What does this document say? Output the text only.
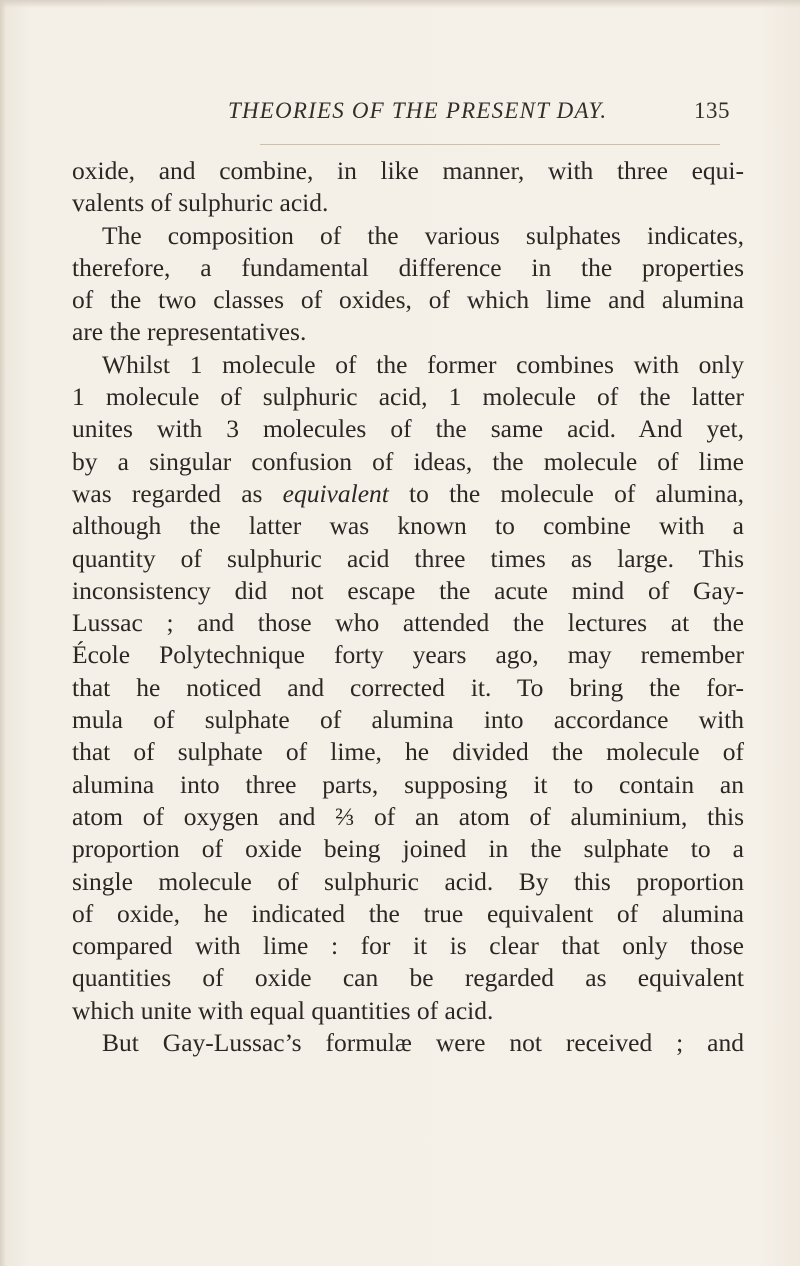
THEORIES OF THE PRESENT DAY.	135
oxide, and combine, in like manner, with three equi-
valents of sulphuric acid.
The composition of the various sulphates indicates,
therefore, a fundamental difference in the properties
of the two classes of oxides, of which lime and alumina
are the representatives.
Whilst 1 molecule of the former combines with only
1 molecule of sulphuric acid, 1 molecule of the latter
unites with 3 molecules of the same acid. And yet,
by a singular confusion of ideas, the molecule of lime
was regarded as equivalent to the molecule of alumina,
although the latter was known to combine with a
quantity of sulphuric acid three times as large. This
inconsistency did not escape the acute mind of Gay-
Lussac ; and those who attended the lectures at the
École Polytechnique forty years ago, may remember
that he noticed and corrected it. To bring the for-
mula of sulphate of alumina into accordance with
that of sulphate of lime, he divided the molecule of
alumina into three parts, supposing it to contain an
atom of oxygen and ⅔ of an atom of aluminium, this
proportion of oxide being joined in the sulphate to a
single molecule of sulphuric acid. By this proportion
of oxide, he indicated the true equivalent of alumina
compared with lime : for it is clear that only those
quantities of oxide can be regarded as equivalent
which unite with equal quantities of acid.
But Gay-Lussac’s formulæ were not received ; and
